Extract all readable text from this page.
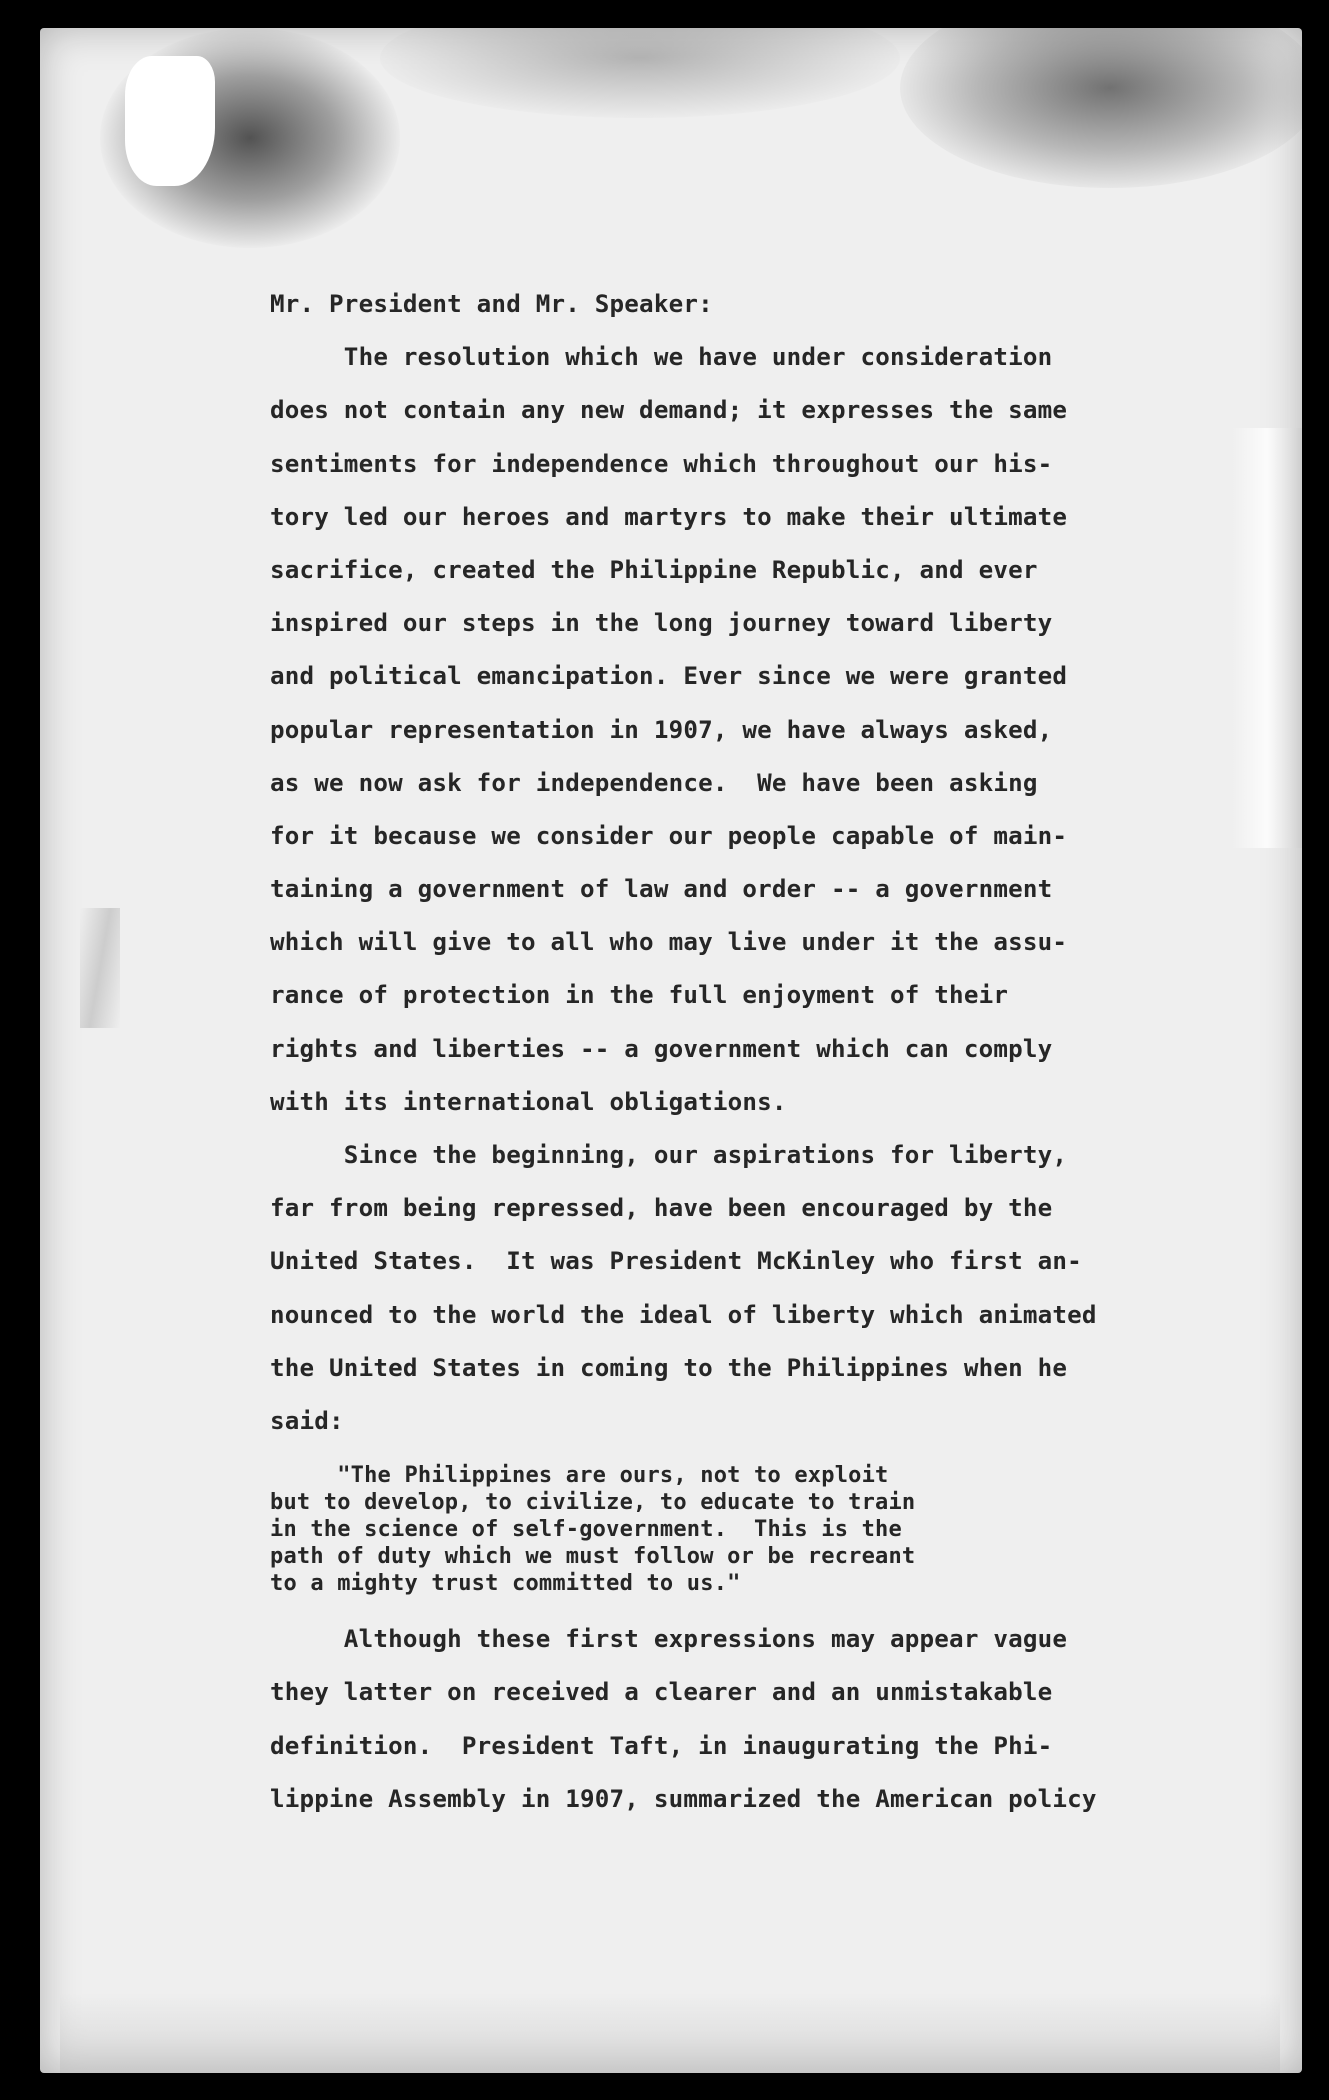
Mr. President and Mr. Speaker:
The resolution which we have under consideration
does not contain any new demand; it expresses the same
sentiments for independence which throughout our his-
tory led our heroes and martyrs to make their ultimate
sacrifice, created the Philippine Republic, and ever
inspired our steps in the long journey toward liberty
and political emancipation. Ever since we were granted
popular representation in 1907, we have always asked,
as we now ask for independence.  We have been asking
for it because we consider our people capable of main-
taining a government of law and order -- a government
which will give to all who may live under it the assu-
rance of protection in the full enjoyment of their
rights and liberties -- a government which can comply
with its international obligations.
Since the beginning, our aspirations for liberty,
far from being repressed, have been encouraged by the
United States.  It was President McKinley who first an-
nounced to the world the ideal of liberty which animated
the United States in coming to the Philippines when he
said:
"The Philippines are ours, not to exploit
but to develop, to civilize, to educate to train
in the science of self-government.  This is the
path of duty which we must follow or be recreant
to a mighty trust committed to us."
Although these first expressions may appear vague
they latter on received a clearer and an unmistakable
definition.  President Taft, in inaugurating the Phi-
lippine Assembly in 1907, summarized the American policy
